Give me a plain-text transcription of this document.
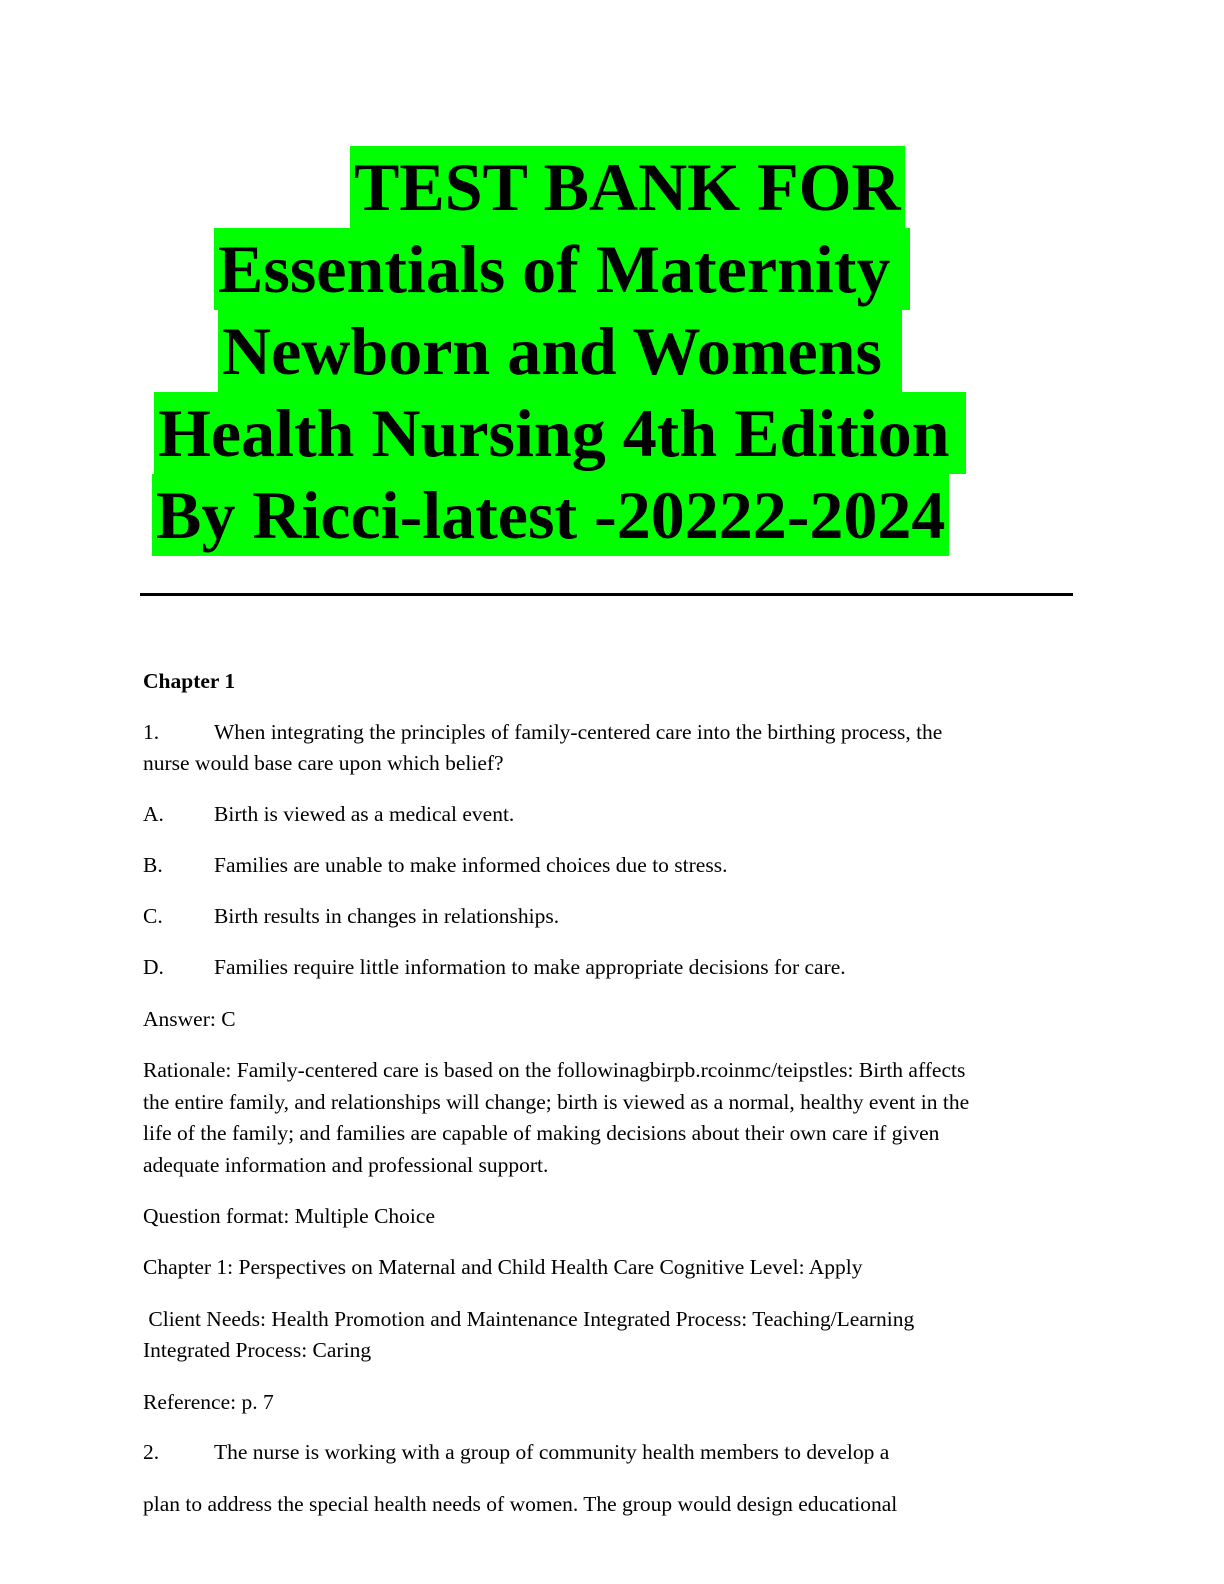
TEST BANK FOR
Essentials of Maternity
Newborn and Womens
Health Nursing 4th Edition
By Ricci-latest -20222-2024
Chapter 1
1.	When integrating the principles of family-centered care into the birthing process, the
nurse would base care upon which belief?
A. Birth is viewed as a medical event.
B. Families are unable to make informed choices due to stress.
C. Birth results in changes in relationships.
D. Families require little information to make appropriate decisions for care.
Answer: C
Rationale: Family-centered care is based on the followinagbirpb.rcoinmc/teipstles: Birth affects
the entire family, and relationships will change; birth is viewed as a normal, healthy event in the
life of the family; and families are capable of making decisions about their own care if given
adequate information and professional support.
Question format: Multiple Choice
Chapter 1: Perspectives on Maternal and Child Health Care Cognitive Level: Apply
Client Needs: Health Promotion and Maintenance Integrated Process: Teaching/Learning
Integrated Process: Caring
Reference: p. 7
2.	The nurse is working with a group of community health members to develop a
plan to address the special health needs of women. The group would design educational
